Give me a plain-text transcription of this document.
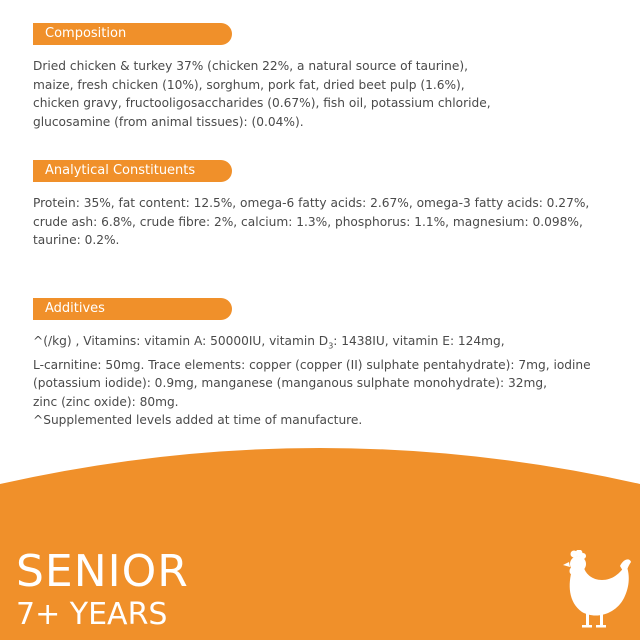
Composition
Dried chicken & turkey 37% (chicken 22%, a natural source of taurine),
maize, fresh chicken (10%), sorghum, pork fat, dried beet pulp (1.6%),
chicken gravy, fructooligosaccharides (0.67%), fish oil, potassium chloride,
glucosamine (from animal tissues): (0.04%).
Analytical Constituents
Protein: 35%, fat content: 12.5%, omega-6 fatty acids: 2.67%, omega-3 fatty acids: 0.27%,
crude ash: 6.8%, crude fibre: 2%, calcium: 1.3%, phosphorus: 1.1%, magnesium: 0.098%,
taurine: 0.2%.
Additives
^(/kg) , Vitamins: vitamin A: 50000IU, vitamin $D_3$: 1438IU, vitamin E: 124mg,
L-carnitine: 50mg. Trace elements: copper (copper (II) sulphate pentahydrate): 7mg, iodine
(potassium iodide): 0.9mg, manganese (manganous sulphate monohydrate): 32mg,
zinc (zinc oxide): 80mg.
^Supplemented levels added at time of manufacture.
SENIOR
7+ YEARS
